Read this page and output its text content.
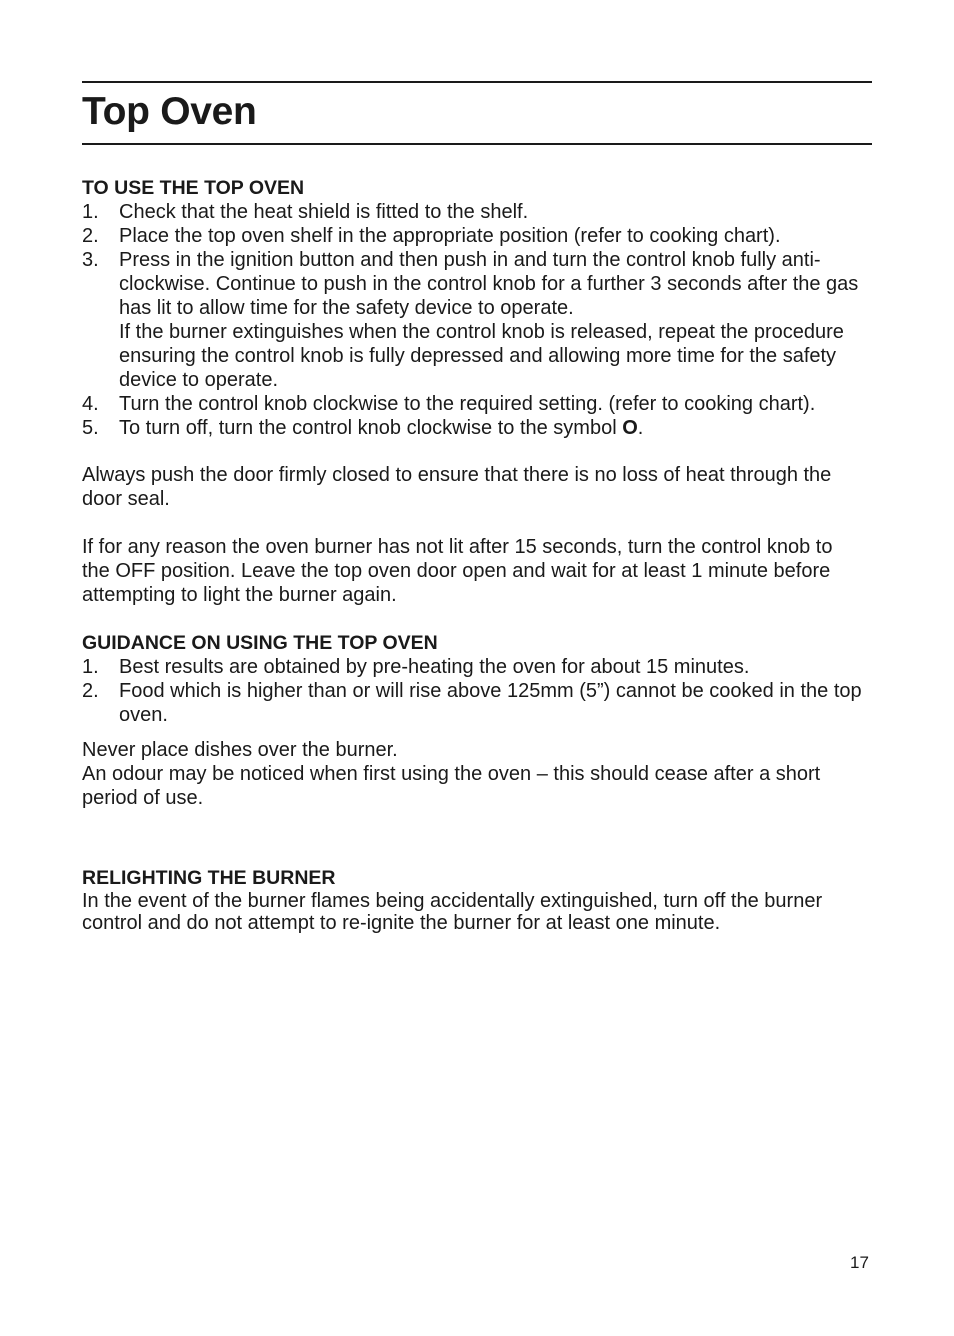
Top Oven

TO USE THE TOP OVEN

1.	Check that the heat shield is fitted to the shelf.
2.	Place the top oven shelf in the appropriate position (refer to cooking chart).
3.	Press in the ignition button and then push in and turn the control knob fully anti-clockwise. Continue to push in the control knob for a further 3 seconds after the gas has lit to allow time for the safety device to operate.
If the burner extinguishes when the control knob is released, repeat the procedure ensuring the control knob is fully depressed and allowing more time for the safety device to operate.
4.	Turn the control knob clockwise to the required setting. (refer to cooking chart).
5.	To turn off, turn the control knob clockwise to the symbol O.

Always push the door firmly closed to ensure that there is no loss of heat through the door seal.

If for any reason the oven burner has not lit after 15 seconds, turn the control knob to the OFF position. Leave the top oven door open and wait for at least 1 minute before attempting to light the burner again.

GUIDANCE ON USING THE TOP OVEN

1.	Best results are obtained by pre-heating the oven for about 15 minutes.
2.	Food which is higher than or will rise above 125mm (5”) cannot be cooked in the top oven.

Never place dishes over the burner.

An odour may be noticed when first using the oven – this should cease after a short period of use.

RELIGHTING THE BURNER

In the event of the burner flames being accidentally extinguished, turn off the burner control and do not attempt to re-ignite the burner for at least one minute.

17
